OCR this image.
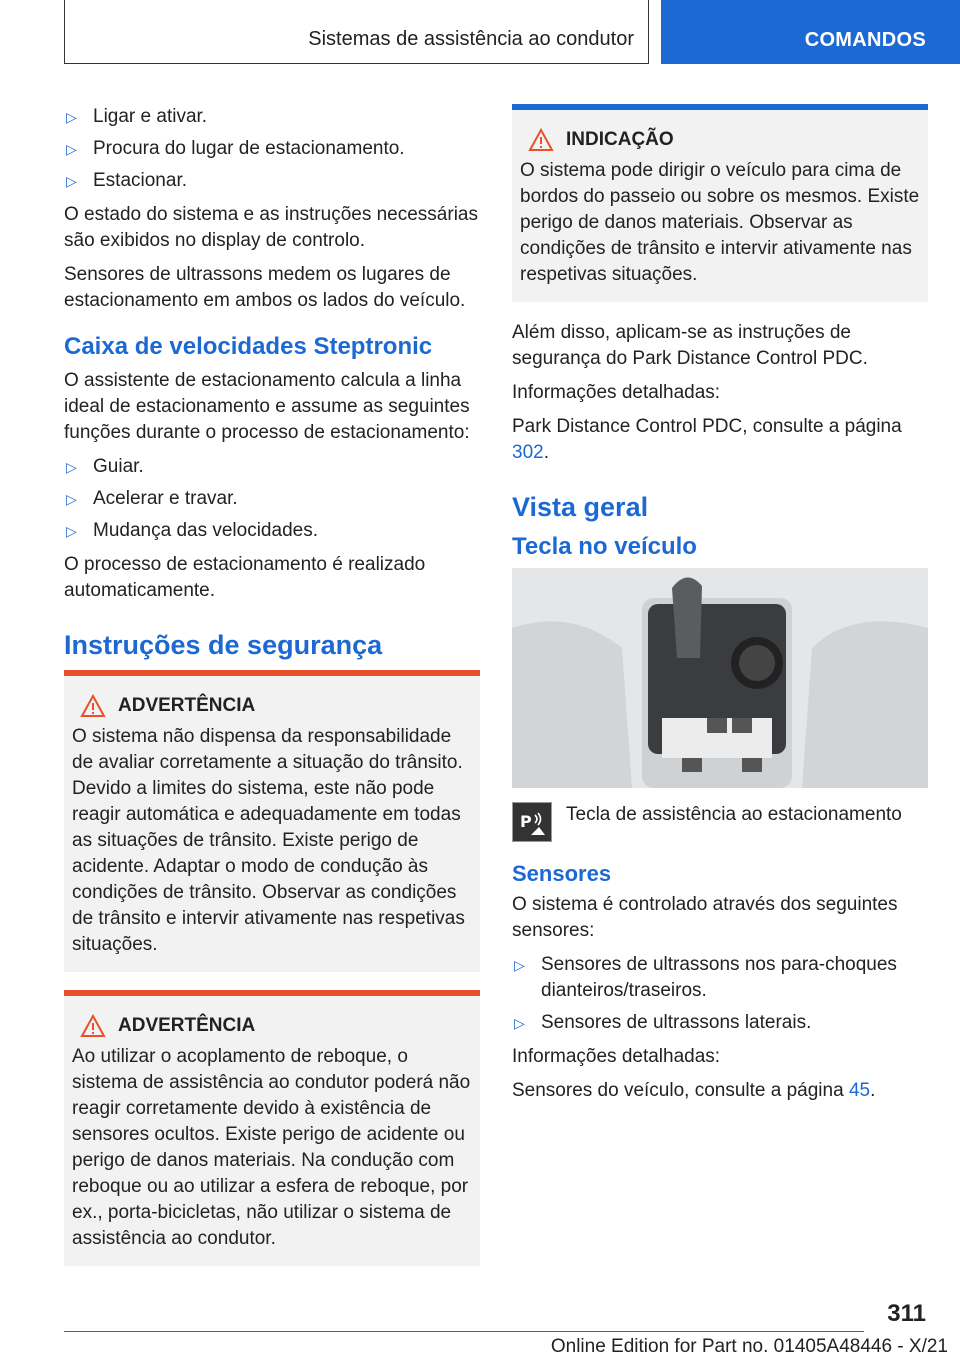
Sistemas de assistência ao condutor	COMANDOS
▷ Ligar e ativar.
▷ Procura do lugar de estacionamento.
▷ Estacionar.

O estado do sistema e as instruções necessárias são exibidos no display de controlo.

Sensores de ultrassons medem os lugares de estacionamento em ambos os lados do veículo.

Caixa de velocidades Steptronic

O assistente de estacionamento calcula a linha ideal de estacionamento e assume as seguintes funções durante o processo de estacionamento:

▷ Guiar.
▷ Acelerar e travar.
▷ Mudança das velocidades.

O processo de estacionamento é realizado automaticamente.

Instruções de segurança
ADVERTÊNCIA

O sistema não dispensa da responsabilidade de avaliar corretamente a situação do trânsito. Devido a limites do sistema, este não pode reagir automática e adequadamente em todas as situações de trânsito. Existe perigo de acidente. Adaptar o modo de condução às condições de trânsito. Observar as condições de trânsito e intervir ativamente nas respetivas situações.

ADVERTÊNCIA

Ao utilizar o acoplamento de reboque, o sistema de assistência ao condutor poderá não reagir corretamente devido à existência de sensores ocultos. Existe perigo de acidente ou perigo de danos materiais. Na condução com reboque ou ao utilizar a esfera de reboque, por ex., porta-bicicletas, não utilizar o sistema de assistência ao condutor.

INDICAÇÃO

O sistema pode dirigir o veículo para cima de bordos do passeio ou sobre os mesmos. Existe perigo de danos materiais. Observar as condições de trânsito e intervir ativamente nas respetivas situações.

Além disso, aplicam-se as instruções de segurança do Park Distance Control PDC.

Informações detalhadas:

Park Distance Control PDC, consulte a página 302.

Vista geral
Tecla no veículo
P Tecla de assistência ao estacionamento
Sensores

O sistema é controlado através dos seguintes sensores:

▷ Sensores de ultrassons nos para-choques dianteiros/traseiros.
▷ Sensores de ultrassons laterais.

Informações detalhadas:

Sensores do veículo, consulte a página 45.

311
Online Edition for Part no. 01405A48446 - X/21
